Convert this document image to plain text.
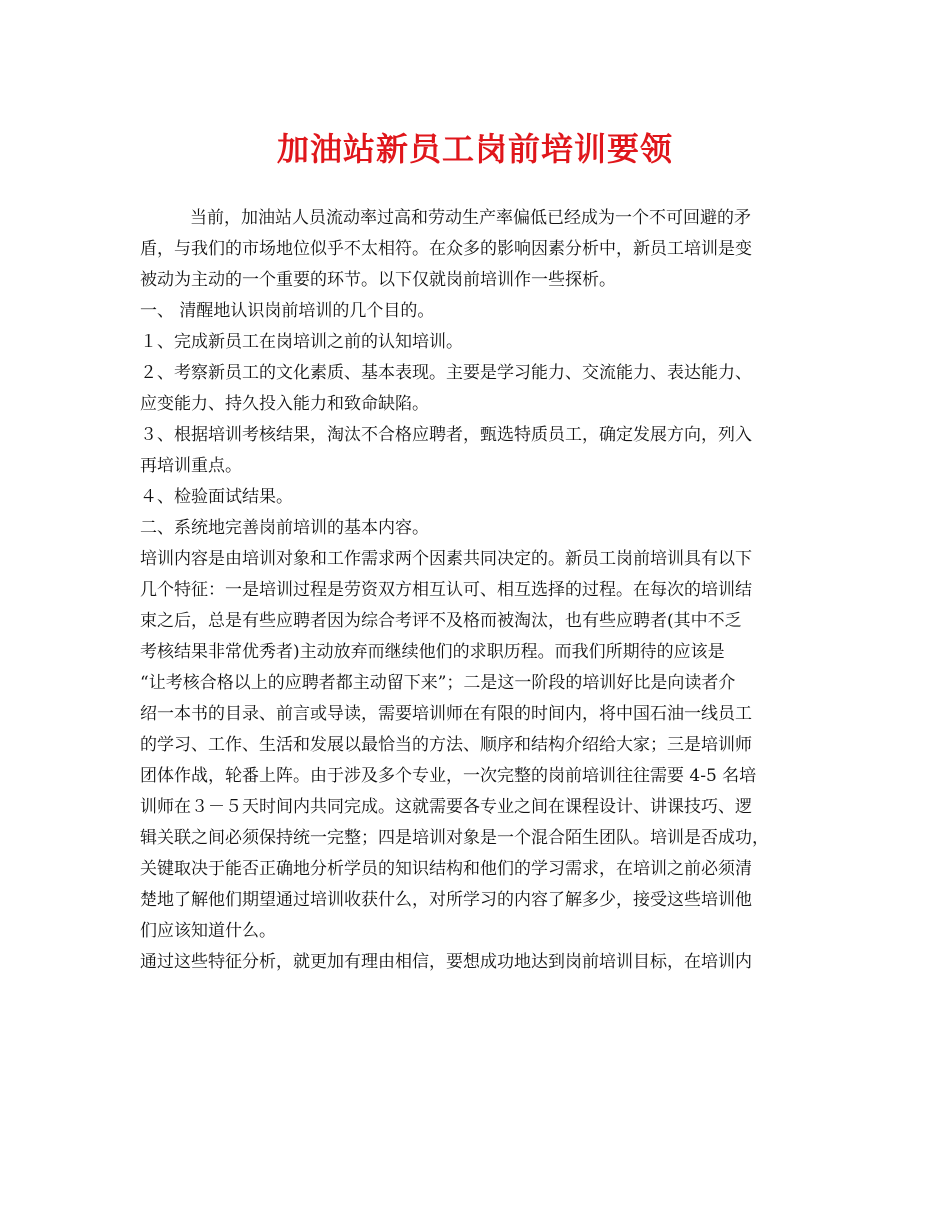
加油站新员工岗前培训要领
当前，加油站人员流动率过高和劳动生产率偏低已经成为一个不可回避的矛
盾，与我们的市场地位似乎不太相符。在众多的影响因素分析中，新员工培训是变
被动为主动的一个重要的环节。以下仅就岗前培训作一些探析。
一、 清醒地认识岗前培训的几个目的。
１、完成新员工在岗培训之前的认知培训。
２、考察新员工的文化素质、基本表现。主要是学习能力、交流能力、表达能力、
应变能力、持久投入能力和致命缺陷。
３、根据培训考核结果，淘汰不合格应聘者，甄选特质员工，确定发展方向，列入
再培训重点。
４、检验面试结果。
二、系统地完善岗前培训的基本内容。
培训内容是由培训对象和工作需求两个因素共同决定的。新员工岗前培训具有以下
几个特征：一是培训过程是劳资双方相互认可、相互选择的过程。在每次的培训结
束之后，总是有些应聘者因为综合考评不及格而被淘汰，也有些应聘者(其中不乏
考核结果非常优秀者)主动放弃而继续他们的求职历程。而我们所期待的应该是
“让考核合格以上的应聘者都主动留下来”；二是这一阶段的培训好比是向读者介
绍一本书的目录、前言或导读，需要培训师在有限的时间内，将中国石油一线员工
的学习、工作、生活和发展以最恰当的方法、顺序和结构介绍给大家；三是培训师
团体作战，轮番上阵。由于涉及多个专业，一次完整的岗前培训往往需要 4-5 名培
训师在３－５天时间内共同完成。这就需要各专业之间在课程设计、讲课技巧、逻
辑关联之间必须保持统一完整；四是培训对象是一个混合陌生团队。培训是否成功，
关键取决于能否正确地分析学员的知识结构和他们的学习需求，在培训之前必须清
楚地了解他们期望通过培训收获什么，对所学习的内容了解多少，接受这些培训他
们应该知道什么。
通过这些特征分析，就更加有理由相信，要想成功地达到岗前培训目标，在培训内
